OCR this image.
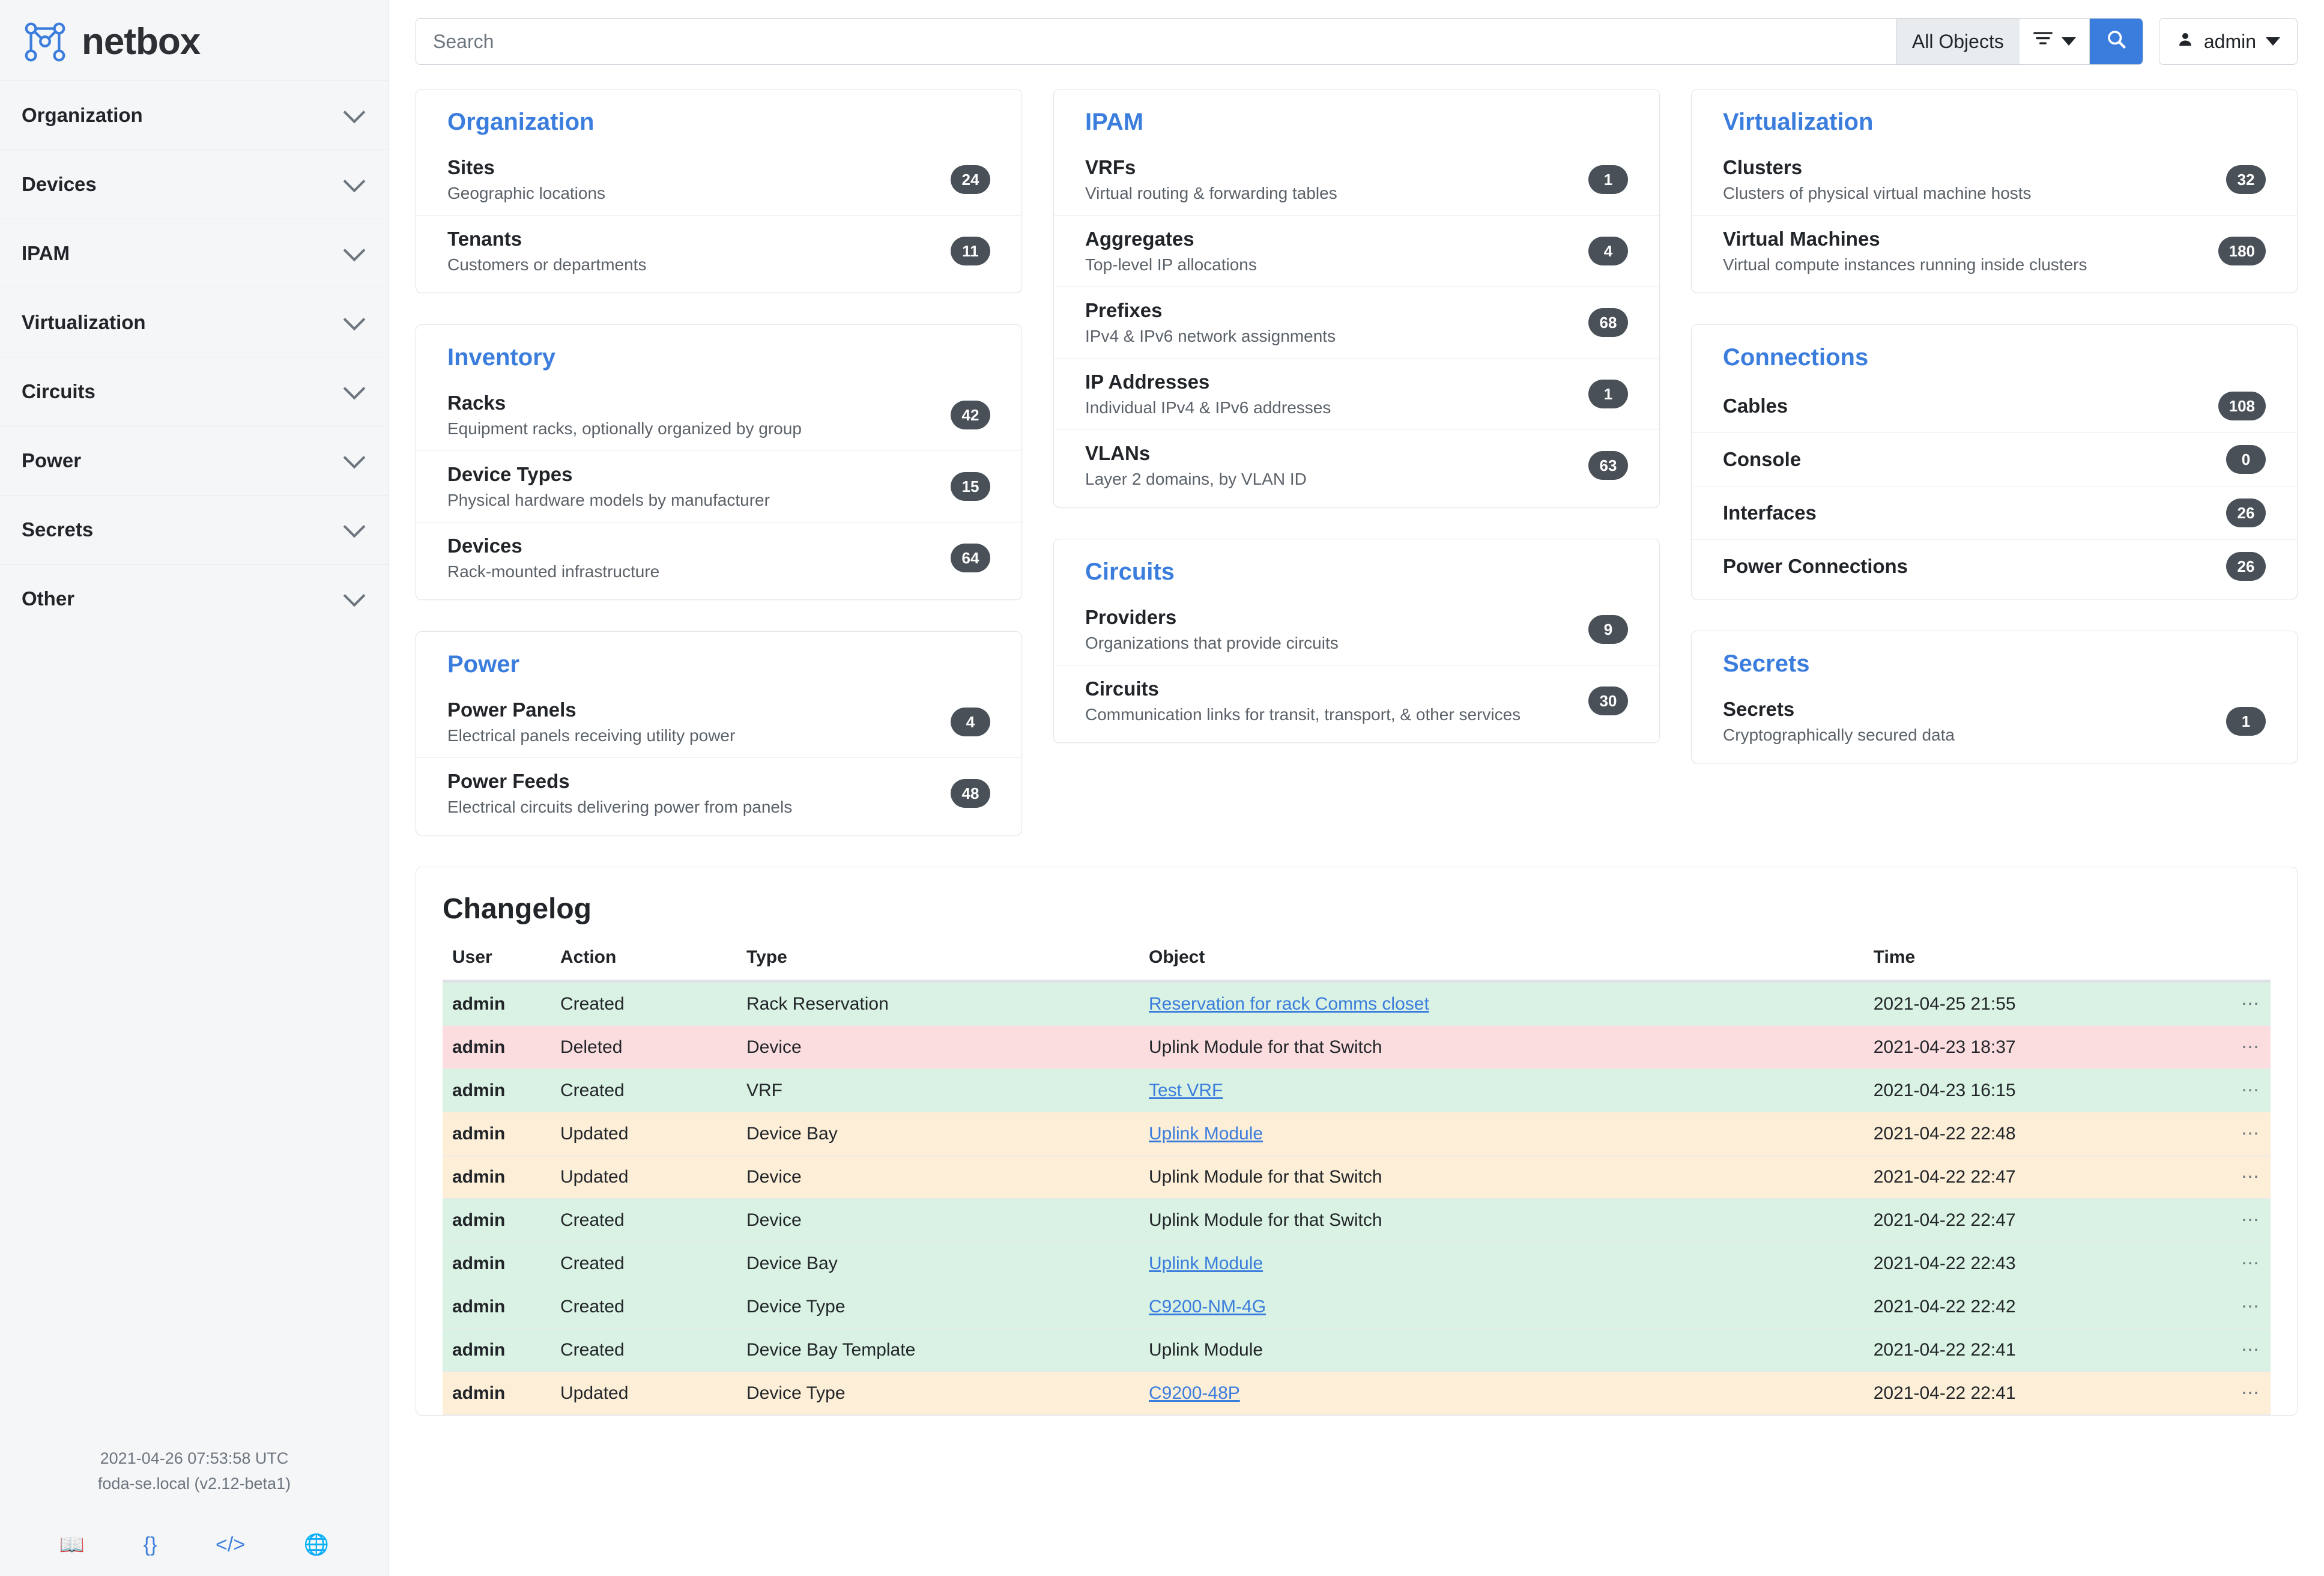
netbox
Organization
Devices
IPAM
Virtualization
Circuits
Power
Secrets
Other
2021-04-26 07:53:58 UTC
foda-se.local (v2.12-beta1)
📖	{}	</>	🌐
Search
All Objects	admin
Organization
Sites
Geographic locations
24
Tenants
Customers or departments
11
Inventory
Racks
Equipment racks, optionally organized by group
42
Device Types
Physical hardware models by manufacturer
15
Devices
Rack-mounted infrastructure
64
Power
Power Panels
Electrical panels receiving utility power
4
Power Feeds
Electrical circuits delivering power from panels
48
IPAM
VRFs
Virtual routing & forwarding tables
1
Aggregates
Top-level IP allocations
4
Prefixes
IPv4 & IPv6 network assignments
68
IP Addresses
Individual IPv4 & IPv6 addresses
1
VLANs
Layer 2 domains, by VLAN ID
63
Circuits
Providers
Organizations that provide circuits
9
Circuits
Communication links for transit, transport, & other services
30
Virtualization
Clusters
Clusters of physical virtual machine hosts
32
Virtual Machines
Virtual compute instances running inside clusters
180
Connections
Cables	108
Console	0
Interfaces	26
Power Connections	26
Secrets
Secrets
Cryptographically secured data
1
Changelog
User	Action	Type	Object	Time	
admin	Created	Rack Reservation	Reservation for rack Comms closet	2021-04-25 21:55	⋯
admin	Deleted	Device	Uplink Module for that Switch	2021-04-23 18:37	⋯
admin	Created	VRF	Test VRF	2021-04-23 16:15	⋯
admin	Updated	Device Bay	Uplink Module	2021-04-22 22:48	⋯
admin	Updated	Device	Uplink Module for that Switch	2021-04-22 22:47	⋯
admin	Created	Device	Uplink Module for that Switch	2021-04-22 22:47	⋯
admin	Created	Device Bay	Uplink Module	2021-04-22 22:43	⋯
admin	Created	Device Type	C9200-NM-4G	2021-04-22 22:42	⋯
admin	Created	Device Bay Template	Uplink Module	2021-04-22 22:41	⋯
admin	Updated	Device Type	C9200-48P	2021-04-22 22:41	⋯
